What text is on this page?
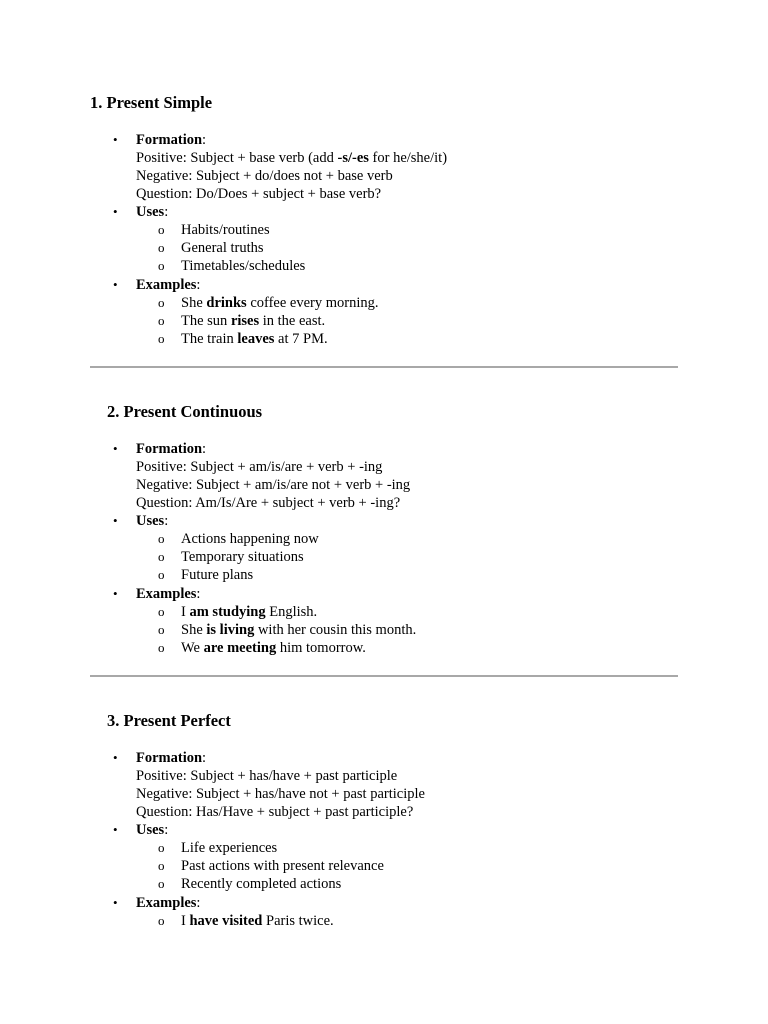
1. Present Simple
• Formation:
Positive: Subject + base verb (add -s/-es for he/she/it)
Negative: Subject + do/does not + base verb
Question: Do/Does + subject + base verb?
• Uses:
o Habits/routines
o General truths
o Timetables/schedules
• Examples:
o She drinks coffee every morning.
o The sun rises in the east.
o The train leaves at 7 PM.
2. Present Continuous
• Formation:
Positive: Subject + am/is/are + verb + -ing
Negative: Subject + am/is/are not + verb + -ing
Question: Am/Is/Are + subject + verb + -ing?
• Uses:
o Actions happening now
o Temporary situations
o Future plans
• Examples:
o I am studying English.
o She is living with her cousin this month.
o We are meeting him tomorrow.
3. Present Perfect
• Formation:
Positive: Subject + has/have + past participle
Negative: Subject + has/have not + past participle
Question: Has/Have + subject + past participle?
• Uses:
o Life experiences
o Past actions with present relevance
o Recently completed actions
• Examples:
o I have visited Paris twice.
